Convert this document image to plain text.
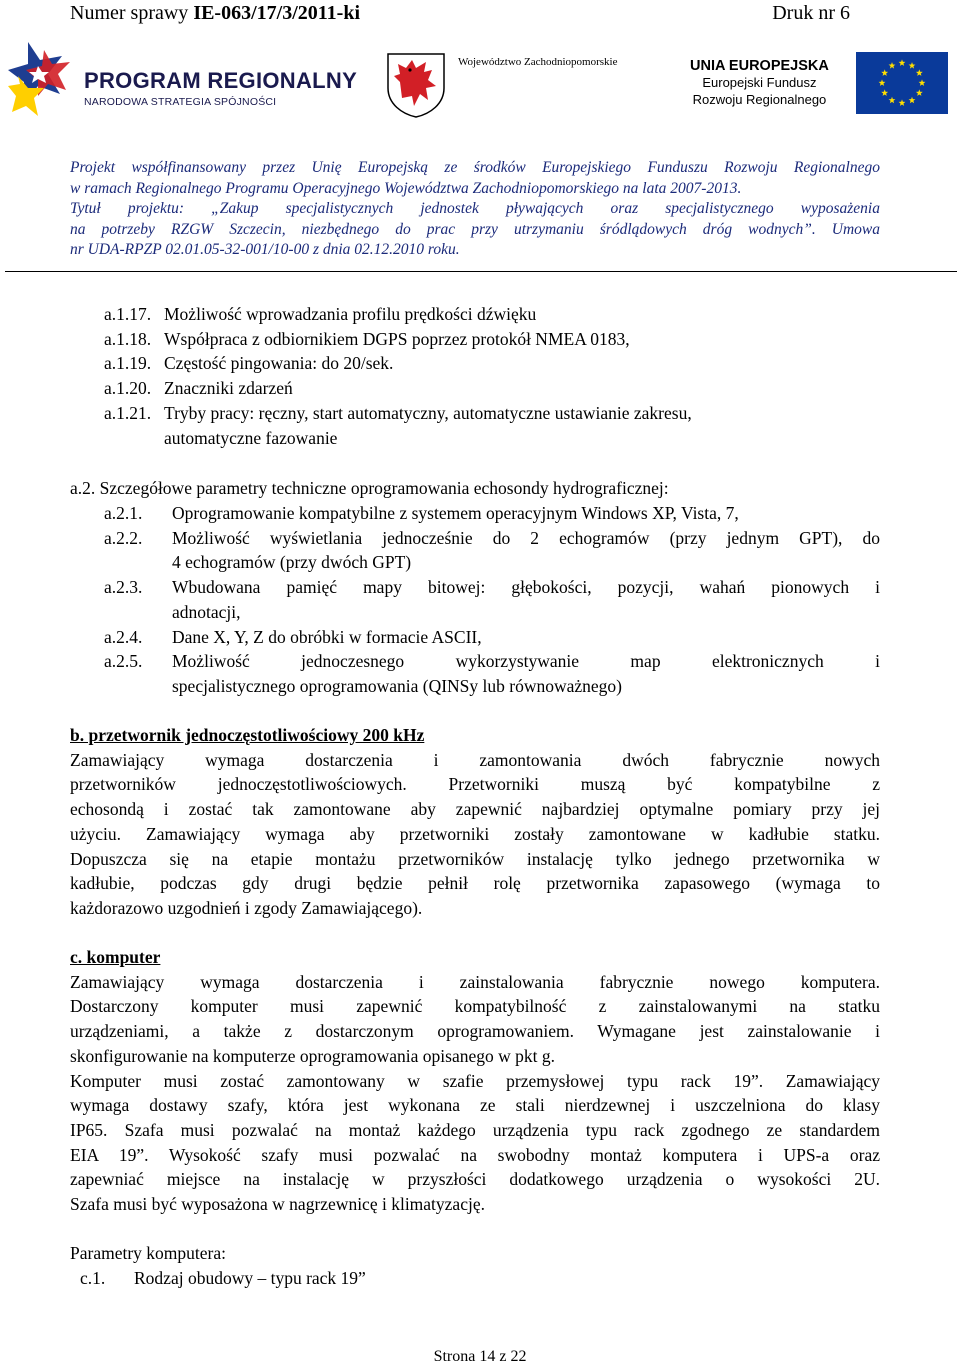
Numer sprawy IE-063/17/3/2011-ki	Druk nr 6
PROGRAM REGIONALNY
NARODOWA STRATEGIA SPÓJNOŚCI
Województwo Zachodniopomorskie	UNIA EUROPEJSKA
Europejski Fundusz
Rozwoju Regionalnego
Projekt współfinansowany przez Unię Europejską ze środków Europejskiego Funduszu Rozwoju Regionalnego
w ramach Regionalnego Programu Operacyjnego Województwa Zachodniopomorskiego na lata 2007-2013.
Tytuł projektu: „Zakup specjalistycznych jednostek pływających oraz specjalistycznego wyposażenia
na potrzeby RZGW Szczecin, niezbędnego do prac przy utrzymaniu śródlądowych dróg wodnych”. Umowa
nr UDA-RPZP 02.01.05-32-001/10-00 z dnia 02.12.2010 roku.
a.1.17. Możliwość wprowadzania profilu prędkości dźwięku
a.1.18. Współpraca z odbiornikiem DGPS poprzez protokół NMEA 0183,
a.1.19. Częstość pingowania: do 20/sek.
a.1.20. Znaczniki zdarzeń
a.1.21. Tryby pracy: ręczny, start automatyczny, automatyczne ustawianie zakresu,
automatyczne fazowanie
a.2. Szczegółowe parametry techniczne oprogramowania echosondy hydrograficznej:
a.2.1.	Oprogramowanie kompatybilne z systemem operacyjnym Windows XP, Vista, 7,
a.2.2.	Możliwość wyświetlania jednocześnie do 2 echogramów (przy jednym GPT), do
4 echogramów (przy dwóch GPT)
a.2.3.	Wbudowana pamięć mapy bitowej: głębokości, pozycji, wahań pionowych i
adnotacji,
a.2.4.	Dane X, Y, Z do obróbki w formacie ASCII,
a.2.5.	Możliwość jednoczesnego wykorzystywanie map elektronicznych i
specjalistycznego oprogramowania (QINSy lub równoważnego)
b. przetwornik jednoczęstotliwościowy 200 kHz
Zamawiający wymaga dostarczenia i zamontowania dwóch fabrycznie nowych
przetworników jednoczęstotliwościowych. Przetworniki muszą być kompatybilne z
echosondą i zostać tak zamontowane aby zapewnić najbardziej optymalne pomiary przy jej
użyciu. Zamawiający wymaga aby przetworniki zostały zamontowane w kadłubie statku.
Dopuszcza się na etapie montażu przetworników instalację tylko jednego przetwornika w
kadłubie, podczas gdy drugi będzie pełnił rolę przetwornika zapasowego (wymaga to
każdorazowo uzgodnień i zgody Zamawiającego).
c. komputer
Zamawiający wymaga dostarczenia i zainstalowania fabrycznie nowego komputera.
Dostarczony komputer musi zapewnić kompatybilność z zainstalowanymi na statku
urządzeniami, a także z dostarczonym oprogramowaniem. Wymagane jest zainstalowanie i
skonfigurowanie na komputerze oprogramowania opisanego w pkt g.
Komputer musi zostać zamontowany w szafie przemysłowej typu rack 19”. Zamawiający
wymaga dostawy szafy, która jest wykonana ze stali nierdzewnej i uszczelniona do klasy
IP65. Szafa musi pozwalać na montaż każdego urządzenia typu rack zgodnego ze standardem
EIA 19”. Wysokość szafy musi pozwalać na swobodny montaż komputera i UPS-a oraz
zapewniać miejsce na instalację w przyszłości dodatkowego urządzenia o wysokości 2U.
Szafa musi być wyposażona w nagrzewnicę i klimatyzację.

Parametry komputera:
c.1. Rodzaj obudowy – typu rack 19”
Strona 14 z 22
